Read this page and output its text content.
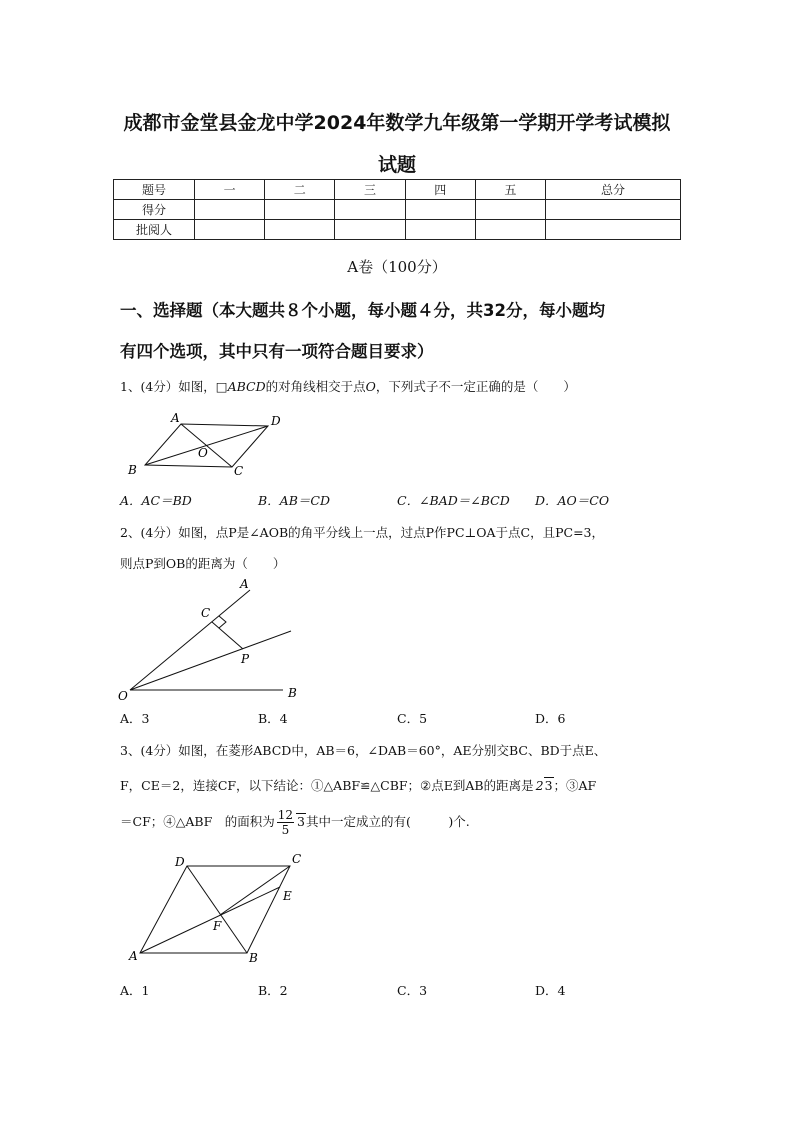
成都市金堂县金龙中学2024年数学九年级第一学期开学考试模拟
试题
题号	一	二	三	四	五	总分
得分						
批阅人						
A卷（100分）
一、选择题（本大题共８个小题，每小题４分，共32分，每小题均
有四个选项，其中只有一项符合题目要求）
1、(4分）如图，□ABCD的对角线相交于点O，下列式子不一定正确的是（　　）
A	D
B	C
O
A．AC＝BD	B．AB＝CD	C．∠BAD＝∠BCD D．AO＝CO
2、(4分）如图，点P是∠AOB的角平分线上一点，过点P作PC⊥OA于点C，且PC=3，
则点P到OB的距离为（　　）
A
C
P
O	B
A．3	B．4	C．5	D．6
3、(4分）如图，在菱形ABCD中，AB＝6，∠DAB＝60°，AE分别交BC、BD于点E、
F，CE＝2，连接CF，以下结论：①△ABF≌△CBF；②点E到AB的距离是 23；③AF
＝CF；④△ABF　的面积为 $\frac{12}{5} 3$其中一定成立的有(　　　)个.
D	C
E
F
A	B
A．1	B．2	C．3	D．4
